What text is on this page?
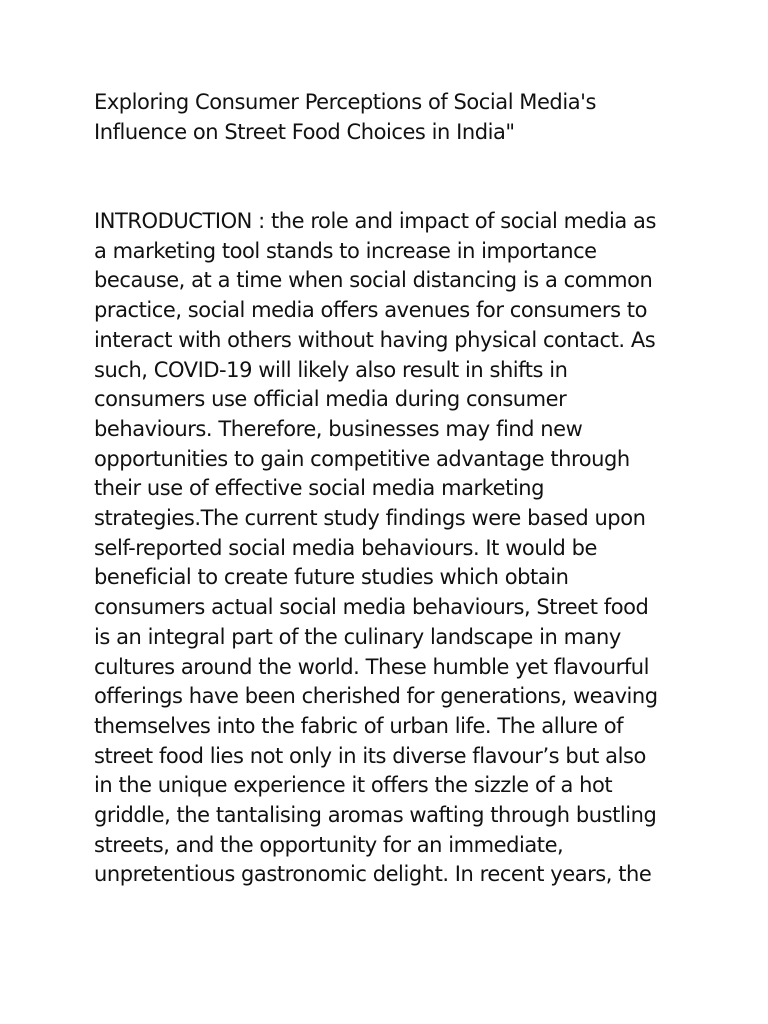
Exploring Consumer Perceptions of Social Media's
Influence on Street Food Choices in India"
INTRODUCTION : the role and impact of social media as
a marketing tool stands to increase in importance
because, at a time when social distancing is a common
practice, social media offers avenues for consumers to
interact with others without having physical contact. As
such, COVID-19 will likely also result in shifts in
consumers use official media during consumer
behaviours. Therefore, businesses may find new
opportunities to gain competitive advantage through
their use of effective social media marketing
strategies.The current study findings were based upon
self-reported social media behaviours. It would be
beneficial to create future studies which obtain
consumers actual social media behaviours, Street food
is an integral part of the culinary landscape in many
cultures around the world. These humble yet flavourful
offerings have been cherished for generations, weaving
themselves into the fabric of urban life. The allure of
street food lies not only in its diverse flavour’s but also
in the unique experience it offers the sizzle of a hot
griddle, the tantalising aromas wafting through bustling
streets, and the opportunity for an immediate,
unpretentious gastronomic delight. In recent years, the
